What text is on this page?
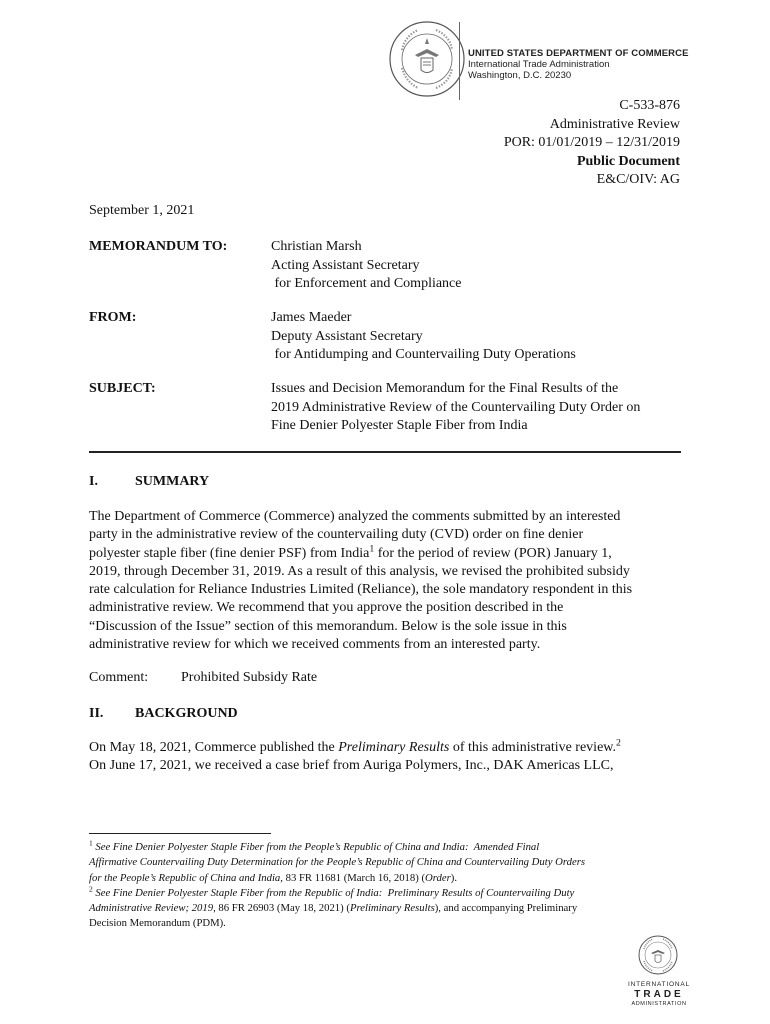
UNITED STATES DEPARTMENT OF COMMERCE
International Trade Administration
Washington, D.C. 20230
C-533-876
Administrative Review
POR: 01/01/2019 – 12/31/2019
Public Document
E&C/OIV: AG
September 1, 2021
MEMORANDUM TO:	Christian Marsh
Acting Assistant Secretary
for Enforcement and Compliance
FROM:	James Maeder
Deputy Assistant Secretary
for Antidumping and Countervailing Duty Operations
SUBJECT:	Issues and Decision Memorandum for the Final Results of the
2019 Administrative Review of the Countervailing Duty Order on
Fine Denier Polyester Staple Fiber from India
I.	SUMMARY
The Department of Commerce (Commerce) analyzed the comments submitted by an interested
party in the administrative review of the countervailing duty (CVD) order on fine denier
polyester staple fiber (fine denier PSF) from India$^1$ for the period of review (POR) January 1,
2019, through December 31, 2019. As a result of this analysis, we revised the prohibited subsidy
rate calculation for Reliance Industries Limited (Reliance), the sole mandatory respondent in this
administrative review. We recommend that you approve the position described in the
“Discussion of the Issue” section of this memorandum. Below is the sole issue in this
administrative review for which we received comments from an interested party.
Comment: Prohibited Subsidy Rate
II. BACKGROUND
On May 18, 2021, Commerce published the Preliminary Results of this administrative review.$^2$
On June 17, 2021, we received a case brief from Auriga Polymers, Inc., DAK Americas LLC,
$^1$ See Fine Denier Polyester Staple Fiber from the People’s Republic of China and India:  Amended Final
Affirmative Countervailing Duty Determination for the People’s Republic of China and Countervailing Duty Orders
for the People’s Republic of China and India, 83 FR 11681 (March 16, 2018) (Order).
$^2$ See Fine Denier Polyester Staple Fiber from the Republic of India:  Preliminary Results of Countervailing Duty
Administrative Review; 2019, 86 FR 26903 (May 18, 2021) (Preliminary Results), and accompanying Preliminary
Decision Memorandum (PDM).
INTERNATIONAL
TRADE
ADMINISTRATION
